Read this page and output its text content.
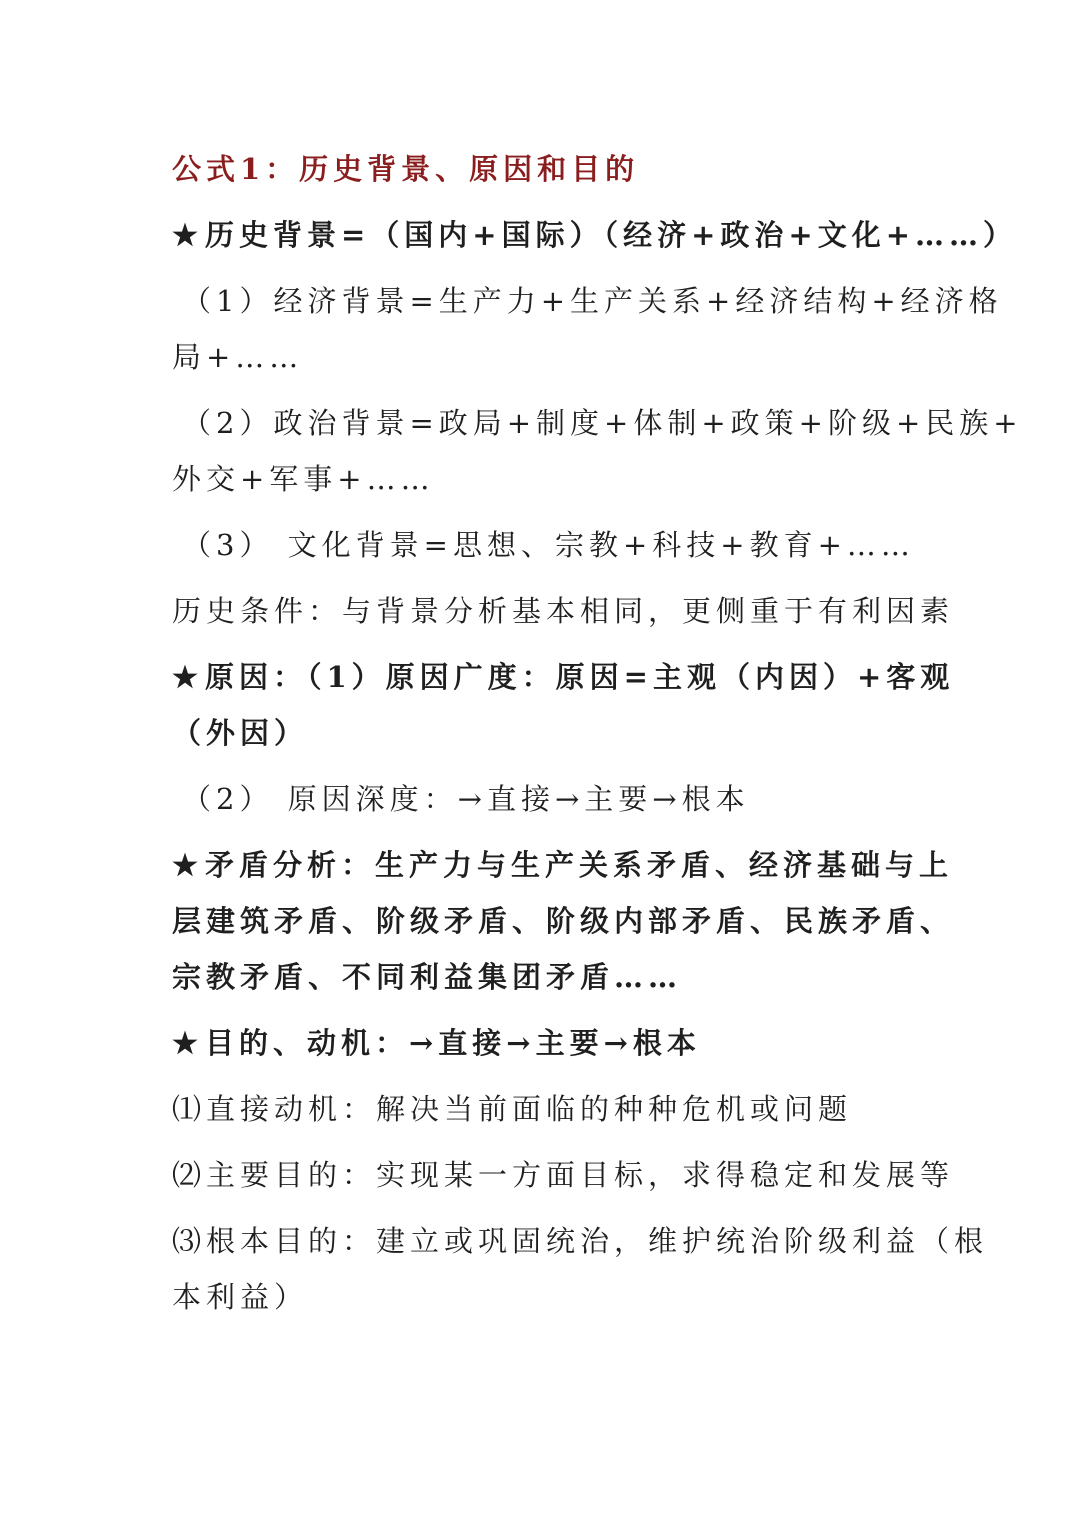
公式1：历史背景、原因和目的
★历史背景=（国内+国际）（经济+政治+文化+……）
（1）经济背景=生产力+生产关系+经济结构+经济格
局+……
（2）政治背景=政局+制度+体制+政策+阶级+民族+
外交+军事+……
（3） 文化背景=思想、宗教+科技+教育+……
历史条件：与背景分析基本相同，更侧重于有利因素
★原因：（1）原因广度：原因=主观（内因）+客观
（外因）
（2） 原因深度：→直接→主要→根本
★矛盾分析：生产力与生产关系矛盾、经济基础与上
层建筑矛盾、阶级矛盾、阶级内部矛盾、民族矛盾、
宗教矛盾、不同利益集团矛盾……
★目的、动机：→直接→主要→根本
⑴直接动机：解决当前面临的种种危机或问题
⑵主要目的：实现某一方面目标，求得稳定和发展等
⑶根本目的：建立或巩固统治，维护统治阶级利益（根
本利益）
